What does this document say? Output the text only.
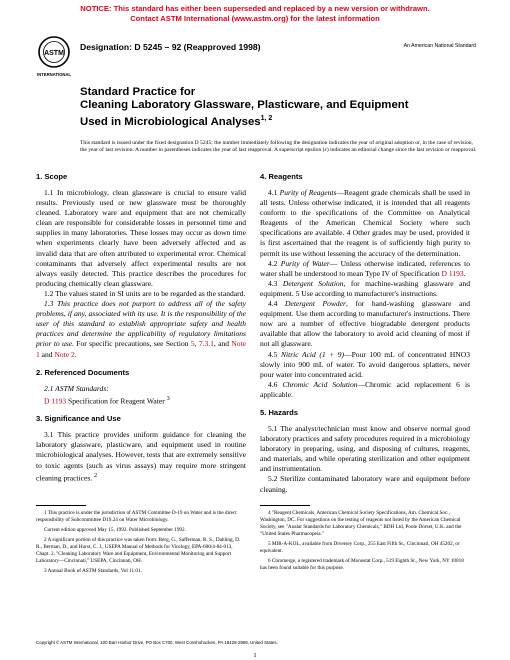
NOTICE: This standard has either been superseded and replaced by a new version or withdrawn.
Contact ASTM International (www.astm.org) for the latest information
ASTM
INTERNATIONAL
Designation: D 5245 – 92 (Reapproved 1998)	An American National Standard
Standard Practice for
Cleaning Laboratory Glassware, Plasticware, and Equipment
Used in Microbiological Analyses$^{1, 2}$
This standard is issued under the fixed designation D 5245; the number immediately following the designation indicates the year of original adoption or, in the case of revision, the year of last revision. A number in parentheses indicates the year of last reapproval. A superscript epsilon (ε) indicates an editorial change since the last revision or reapproval.
1. Scope

1.1 In microbiology, clean glassware is crucial to ensure valid results. Previously used or new glassware must be thoroughly cleaned. Laboratory ware and equipment that are not chemically clean are responsible for considerable losses in personnel time and supplies in many laboratories. These losses may occur as down time when experiments clearly have been adversely affected and as invalid data that are often attributed to experimental error. Chemical contaminants that adversely affect experimental results are not always easily detected. This practice describes the procedures for producing chemically clean glassware.

1.2 The values stated in SI units are to be regarded as the standard.

1.3 This practice does not purport to address all of the safety problems, if any, associated with its use. It is the responsibility of the user of this standard to establish appropriate safety and health practices and determine the applicability of regulatory limitations prior to use. For specific precautions, see Section 5, 7.3.1, and Note 1 and Note 2.

2. Referenced Documents

2.1 ASTM Standards:

D 1193 Specification for Reagent Water $^3$

3. Significance and Use

3.1 This practice provides uniform guidance for cleaning the laboratory glassware, plasticware, and equipment used in routine microbiological analyses. However, tests that are extremely sensitive to toxic agents (such as virus assays) may require more stringent cleaning practices. $^2$

4. Reagents

4.1 Purity of Reagents—Reagent grade chemicals shall be used in all tests. Unless otherwise indicated, it is intended that all reagents conform to the specifications of the Committee on Analytical Reagents of the American Chemical Society where such specifications are available. 4 Other grades may be used, provided it is first ascertained that the reagent is of sufficiently high purity to permit its use without lessening the accuracy of the determination.

4.2 Purity of Water— Unless otherwise indicated, references to water shall be understood to mean Type IV of Specification D 1193.

4.3 Detergent Solution, for machine-washing glassware and equipment. 5 Use according to manufacturer's instructions.

4.4 Detergent Powder, for hand-washing glassware and equipment. Use them according to manufacturer's instructions. There now are a number of effective biogradable detergent products available that allow the laboratory to avoid acid cleaning of most if not all glassware.

4.5 Nitric Acid (1 + 9)—Pour 100 mL of concentrated HNO3 slowly into 900 mL of water. To avoid dangerous splatters, never pour water into concentrated acid.

4.6 Chromic Acid Solution—Chromic acid replacement 6 is applicable.

5. Hazards

5.1 The analyst/technician must know and observe normal good laboratory practices and safety procedures required in a microbiology laboratory in preparing, using, and disposing of cultures, reagents, and materials, and while operating sterilization and other equipment and instrumentation.

5.2 Sterilize contaminated laboratory ware and equipment before cleaning.

1 This practice is under the jurisdiction of ASTM Committee D-19 on Water and is the direct responsibility of Subcommittee D19.24 on Water Microbiology.

Current edition approved May 15, 1992. Published September 1992.

2 A significant portion of this practice was taken from: Berg, G., Safferman, R. S., Dahling, D. R., Berman, D., and Hurst, C. J., USEPA Manual of Methods for Virology, EPA-600/4-84-013, Chapt. 2, "Cleaning Laboratory Ware and Equipment, Environmental Monitoring and Support Laboratory—Cincinnati," USEPA, Cincinnati, OH.

3 Annual Book of ASTM Standards, Vol 11.01.

4 "Reagent Chemicals, American Chemical Society Specifications, Am. Chemical Soc., Washington, DC. For suggestions on the testing of reagents not listed by the American Chemical Society, see "Analar Standards for Laboratory Chemicals," BDH Ltd, Poole Dorset, U.K. and the "United States Pharmacopeia."

5 MIR-A-KOL, available from Diversey Corp., 255 East Fifth St., Cincinnati, OH 45202, or equivalent.

6 Chromerge, a registered trademark of Monostat Corp., 519 Eighth St., New York, NY 10018 has been found suitable for this purpose.

Copyright © ASTM International, 100 Barr Harbor Drive, PO Box C700, West Conshohocken, PA 19428-2959, United States.
1
